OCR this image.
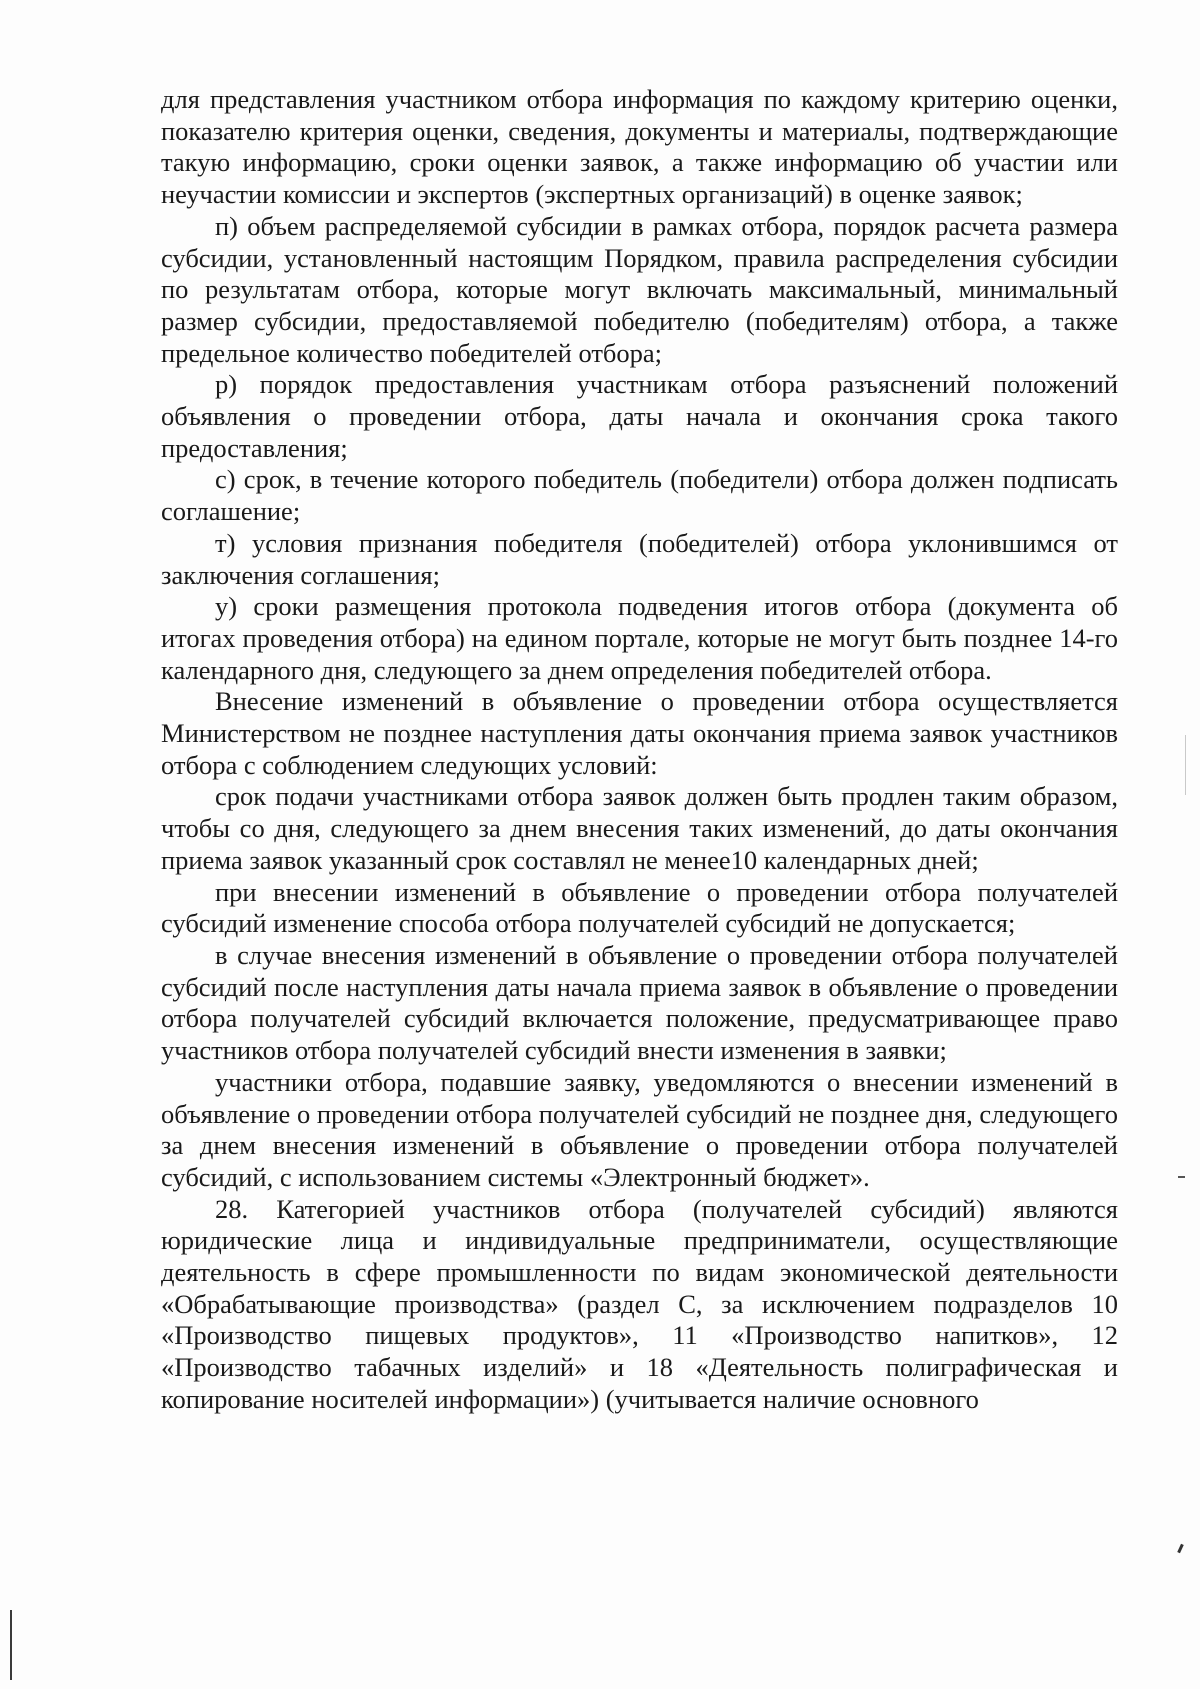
для представления участником отбора информация по каждому критерию оценки, показателю критерия оценки, сведения, документы и материалы, подтверждающие такую информацию, сроки оценки заявок, а также информацию об участии или неучастии комиссии и экспертов (экспертных организаций) в оценке заявок;

п) объем распределяемой субсидии в рамках отбора, порядок расчета размера субсидии, установленный настоящим Порядком, правила распределения субсидии по результатам отбора, которые могут включать максимальный, минимальный размер субсидии, предоставляемой победителю (победителям) отбора, а также предельное количество победителей отбора;

р) порядок предоставления участникам отбора разъяснений положений объявления о проведении отбора, даты начала и окончания срока такого предоставления;

с) срок, в течение которого победитель (победители) отбора должен подписать соглашение;

т) условия признания победителя (победителей) отбора уклонившимся от заключения соглашения;

у) сроки размещения протокола подведения итогов отбора (документа об итогах проведения отбора) на едином портале, которые не могут быть позднее 14-го календарного дня, следующего за днем определения победителей отбора.

Внесение изменений в объявление о проведении отбора осуществляется Министерством не позднее наступления даты окончания приема заявок участников отбора с соблюдением следующих условий:

срок подачи участниками отбора заявок должен быть продлен таким образом, чтобы со дня, следующего за днем внесения таких изменений, до даты окончания приема заявок указанный срок составлял не менее10 календарных дней;

при внесении изменений в объявление о проведении отбора получателей субсидий изменение способа отбора получателей субсидий не допускается;

в случае внесения изменений в объявление о проведении отбора получателей субсидий после наступления даты начала приема заявок в объявление о проведении отбора получателей субсидий включается положение, предусматривающее право участников отбора получателей субсидий внести изменения в заявки;

участники отбора, подавшие заявку, уведомляются о внесении изменений в объявление о проведении отбора получателей субсидий не позднее дня, следующего за днем внесения изменений в объявление о проведении отбора получателей субсидий, с использованием системы «Электронный бюджет».

28. Категорией участников отбора (получателей субсидий) являются юридические лица и индивидуальные предприниматели, осуществляющие деятельность в сфере промышленности по видам экономической деятельности «Обрабатывающие производства» (раздел С, за исключением подразделов 10 «Производство пищевых продуктов», 11 «Производство напитков», 12 «Производство табачных изделий» и 18 «Деятельность полиграфическая и копирование носителей информации») (учитывается наличие основного
